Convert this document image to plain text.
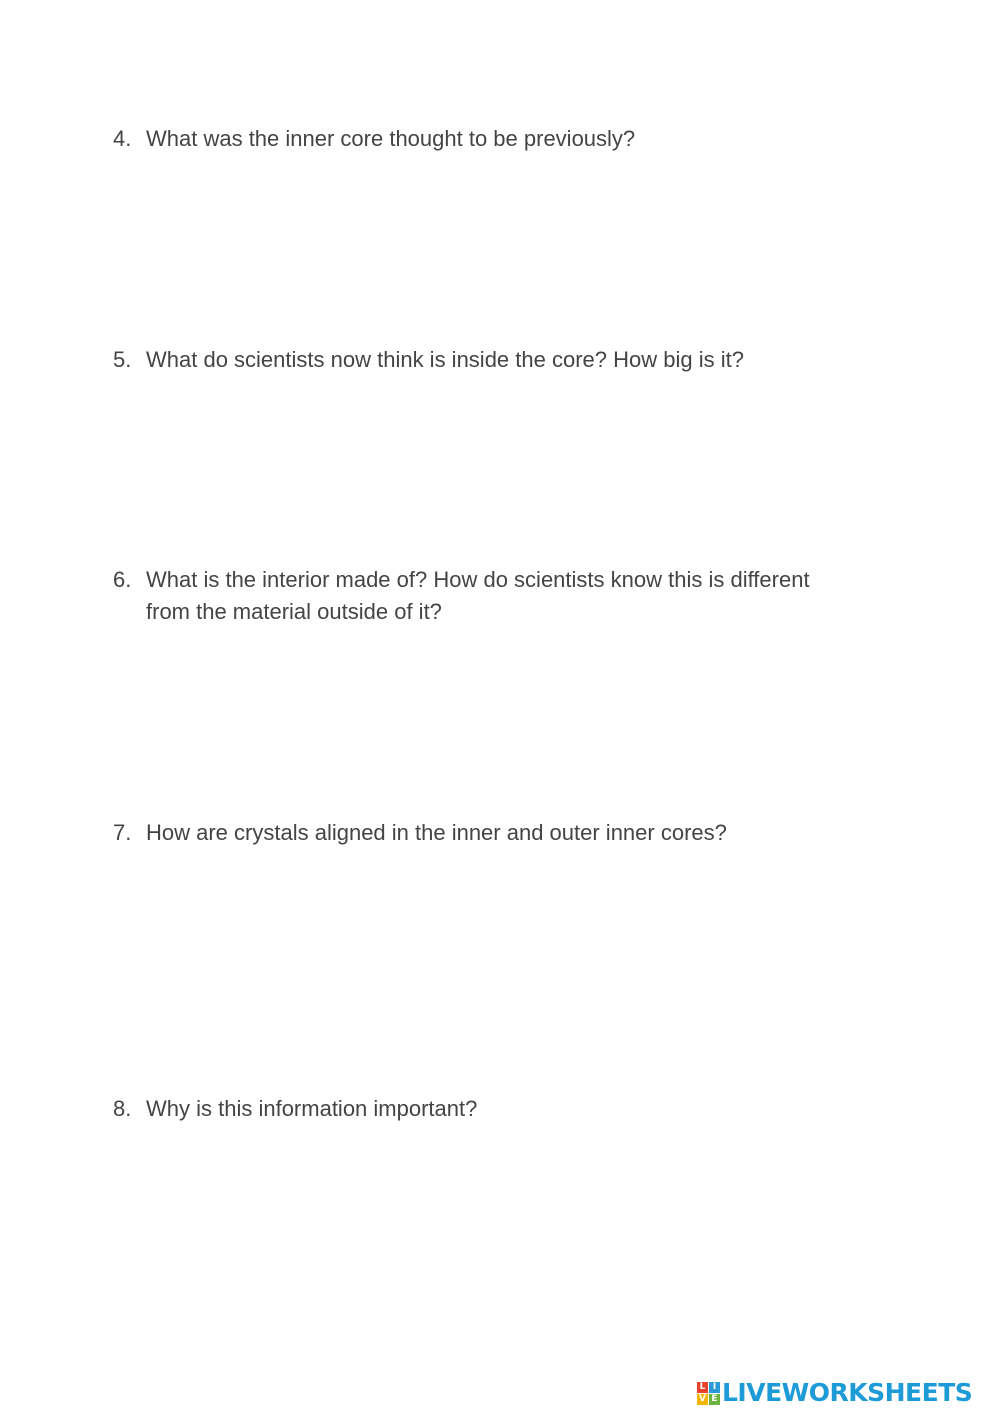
4. What was the inner core thought to be previously?
5. What do scientists now think is inside the core? How big is it?
6. What is the interior made of? How do scientists know this is different from the material outside of it?
7. How are crystals aligned in the inner and outer inner cores?
8. Why is this information important?
L I
V E LIVEWORKSHEETS
